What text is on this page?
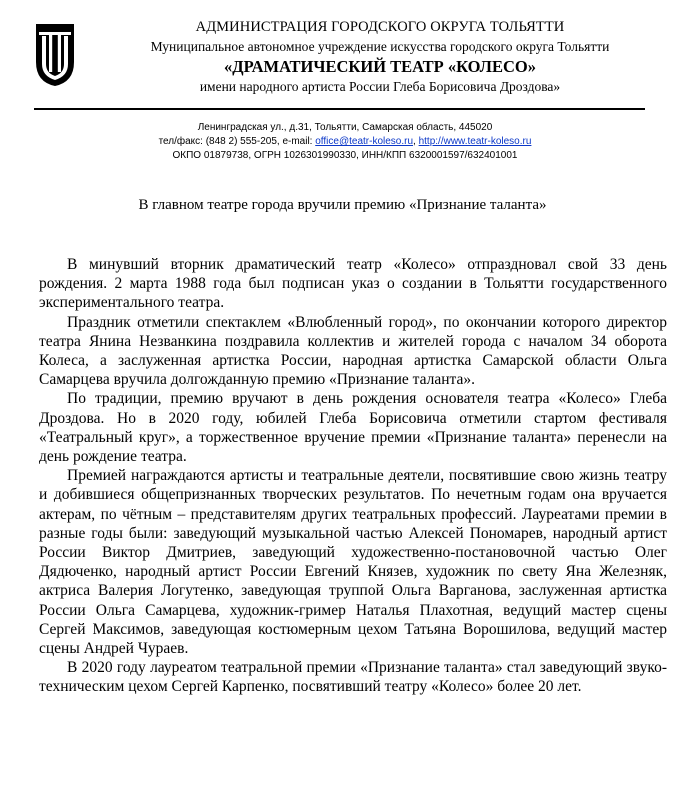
АДМИНИСТРАЦИЯ ГОРОДСКОГО ОКРУГА ТОЛЬЯТТИ
Муниципальное автономное учреждение искусства городского округа Тольятти
«ДРАМАТИЧЕСКИЙ ТЕАТР «КОЛЕСО»
имени народного артиста России Глеба Борисовича Дроздова»
Ленинградская ул., д.31, Тольятти, Самарская область, 445020
тел/факс: (848 2) 555-205, e-mail: office@teatr-koleso.ru, http://www.teatr-koleso.ru
ОКПО 01879738, ОГРН 1026301990330, ИНН/КПП 6320001597/632401001
В главном театре города вручили премию «Признание таланта»

В минувший вторник драматический театр «Колесо» отпраздновал свой 33 день рождения. 2 марта 1988 года был подписан указ о создании в Тольятти государственного экспериментального театра.

Праздник отметили спектаклем «Влюбленный город», по окончании которого директор театра Янина Незванкина поздравила коллектив и жителей города с началом 34 оборота Колеса, а заслуженная артистка России, народная артистка Самарской области Ольга Самарцева вручила долгожданную премию «Признание таланта».

По традиции, премию вручают в день рождения основателя театра «Колесо» Глеба Дроздова. Но в 2020 году, юбилей Глеба Борисовича отметили стартом фестиваля «Театральный круг», а торжественное вручение премии «Признание таланта» перенесли на день рождение театра.

Премией награждаются артисты и театральные деятели, посвятившие свою жизнь театру и добившиеся общепризнанных творческих результатов. По нечетным годам она вручается актерам, по чётным – представителям других театральных профессий. Лауреатами премии в разные годы были: заведующий музыкальной частью Алексей Пономарев, народный артист России Виктор Дмитриев, заведующий художественно-постановочной частью Олег Дядюченко, народный артист России Евгений Князев, художник по свету Яна Железняк, актриса Валерия Логутенко, заведующая труппой Ольга Варганова, заслуженная артистка России Ольга Самарцева, художник-гример Наталья Плахотная, ведущий мастер сцены Сергей Максимов, заведующая костюмерным цехом Татьяна Ворошилова, ведущий мастер сцены Андрей Чураев.

В 2020 году лауреатом театральной премии «Признание таланта» стал заведующий звуко-техническим цехом Сергей Карпенко, посвятивший театру «Колесо» более 20 лет.
